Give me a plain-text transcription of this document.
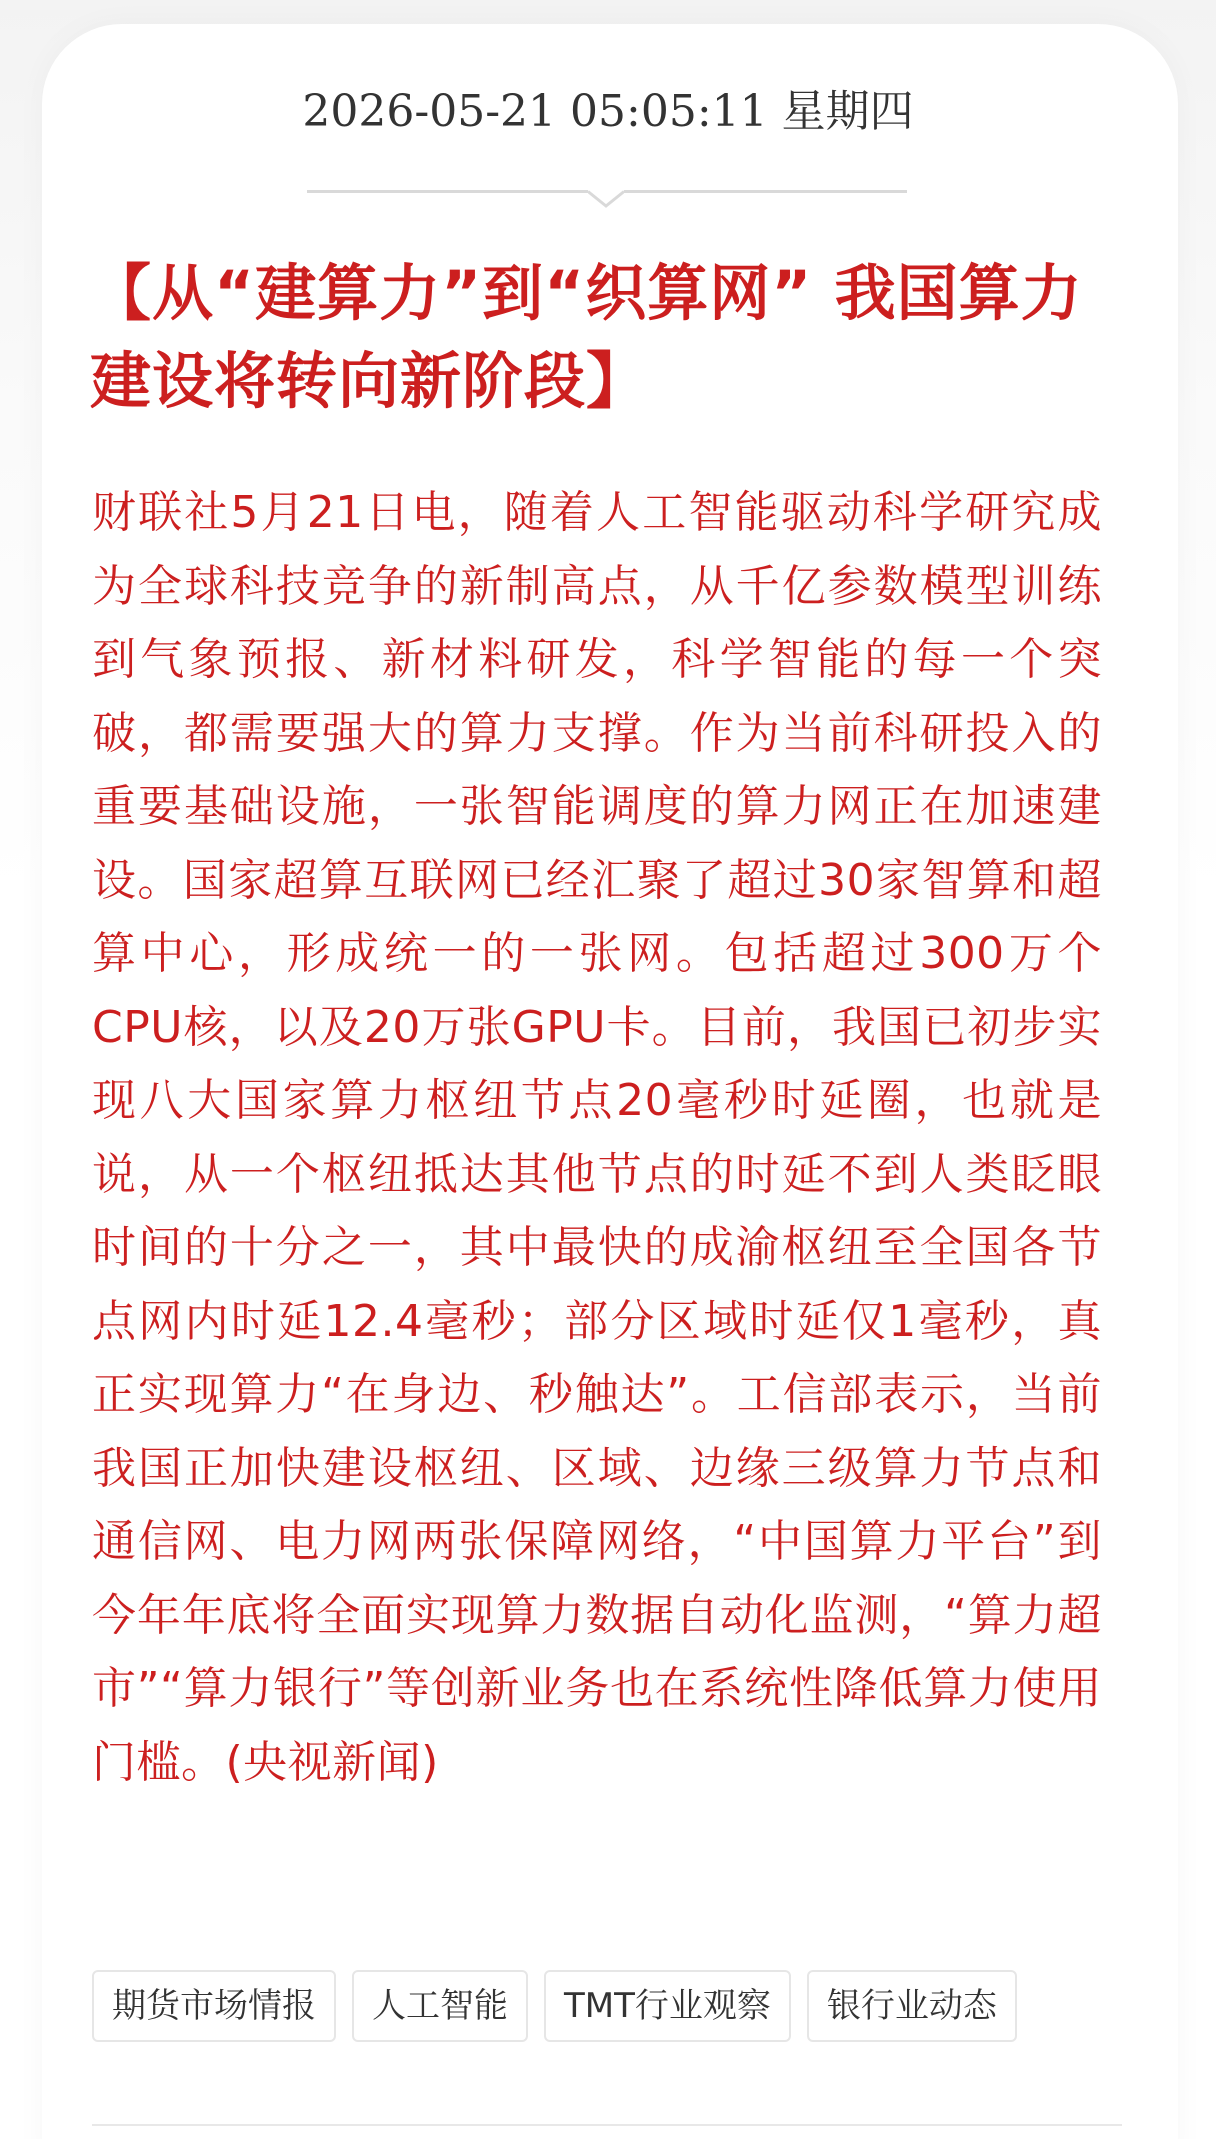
2026-05-21 05:05:11 星期四
【从“建算力”到“织算网” 我国算力建设将转向新阶段】

财联社5月21日电，随着人工智能驱动科学研究成为全球科技竞争的新制高点，从千亿参数模型训练到气象预报、新材料研发，科学智能的每一个突破，都需要强大的算力支撑。作为当前科研投入的重要基础设施，一张智能调度的算力网正在加速建设。国家超算互联网已经汇聚了超过30家智算和超算中心，形成统一的一张网。包括超过300万个CPU核，以及20万张GPU卡。目前，我国已初步实现八大国家算力枢纽节点20毫秒时延圈，也就是说，从一个枢纽抵达其他节点的时延不到人类眨眼时间的十分之一，其中最快的成渝枢纽至全国各节点网内时延12.4毫秒；部分区域时延仅1毫秒，真正实现算力“在身边、秒触达”。工信部表示，当前我国正加快建设枢纽、区域、边缘三级算力节点和通信网、电力网两张保障网络，“中国算力平台”到今年年底将全面实现算力数据自动化监测，“算力超市”“算力银行”等创新业务也在系统性降低算力使用门槛。(央视新闻)

期货市场情报	人工智能	TMT行业观察	银行业动态
